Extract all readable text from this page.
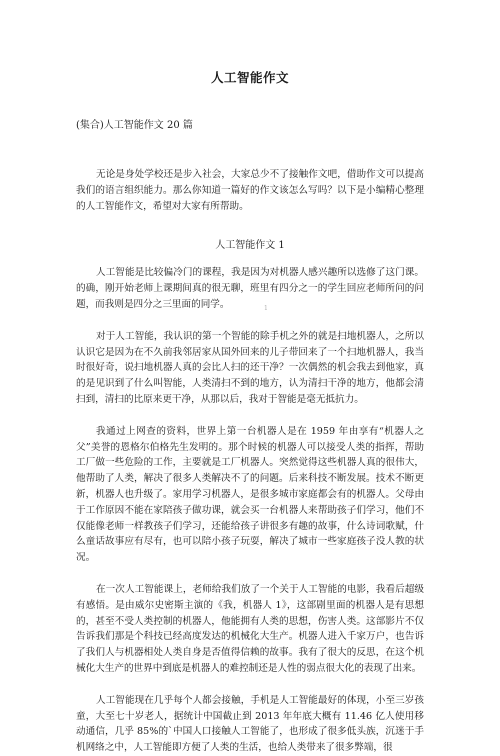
人工智能作文

(集合)人工智能作文 20 篇

无论是身处学校还是步入社会，大家总少不了接触作文吧，借助作文可以提高我们的语言组织能力。那么你知道一篇好的作文该怎么写吗？以下是小编精心整理的人工智能作文，希望对大家有所帮助。

人工智能作文 1

人工智能是比较偏冷门的课程，我是因为对机器人感兴趣所以选修了这门课。的确，刚开始老师上课期间真的很无聊，班里有四分之一的学生回应老师所问的问题，而我则是四分之三里面的同学。

对于人工智能，我认识的第一个智能的除手机之外的就是扫地机器人，之所以认识它是因为在不久前我邻居家从国外回来的儿子带回来了一个扫地机器人，我当时很好奇，说扫地机器人真的会比人扫的还干净？一次偶然的机会我去到他家，真的是见识到了什么叫智能，人类清扫不到的地方，认为清扫干净的地方，他都会清扫到，清扫的比原来更干净，从那以后，我对于智能是毫无抵抗力。

我通过上网查的资料，世界上第一台机器人是在 1959 年由享有“机器人之父”美誉的恩格尔伯格先生发明的。那个时候的机器人可以接受人类的指挥，帮助工厂做一些危险的工作，主要就是工厂机器人。突然觉得这些机器人真的很伟大，他帮助了人类，解决了很多人类解决不了的问题。后来科技不断发展。技术不断更新，机器人也升级了。家用学习机器人，是很多城市家庭都会有的机器人。父母由于工作原因不能在家陪孩子做功课，就会买一台机器人来帮助孩子们学习，他们不仅能像老师一样教孩子们学习，还能给孩子讲很多有趣的故事，什么诗词歌赋，什么童话故事应有尽有，也可以陪小孩子玩耍，解决了城市一些家庭孩子没人教的状况。

在一次人工智能课上，老师给我们放了一个关于人工智能的电影，我看后超级有感悟。是由威尔史密斯主演的《我，机器人 1》，这部剧里面的机器人是有思想的，甚至不受人类控制的机器人，他能拥有人类的思想，伤害人类。这部影片不仅告诉我们那是个科技已经高度发达的机械化大生产。机器人进入千家万户，也告诉了我们人与机器相处人类自身是否值得信赖的故事。我有了很大的反思，在这个机械化大生产的世界中到底是机器人的难控制还是人性的弱点很大化的表现了出来。

人工智能现在几乎每个人都会接触，手机是人工智能最好的体现，小至三岁孩童，大至七十岁老人，据统计中国截止到 2013 年年底大概有 11.46 亿人使用移动通信，几乎 85%的`中国人口接触人工智能了，也形成了很多低头族，沉迷于手机网络之中，人工智能即方便了人类的生活，也给人类带来了很多弊端，很

1
